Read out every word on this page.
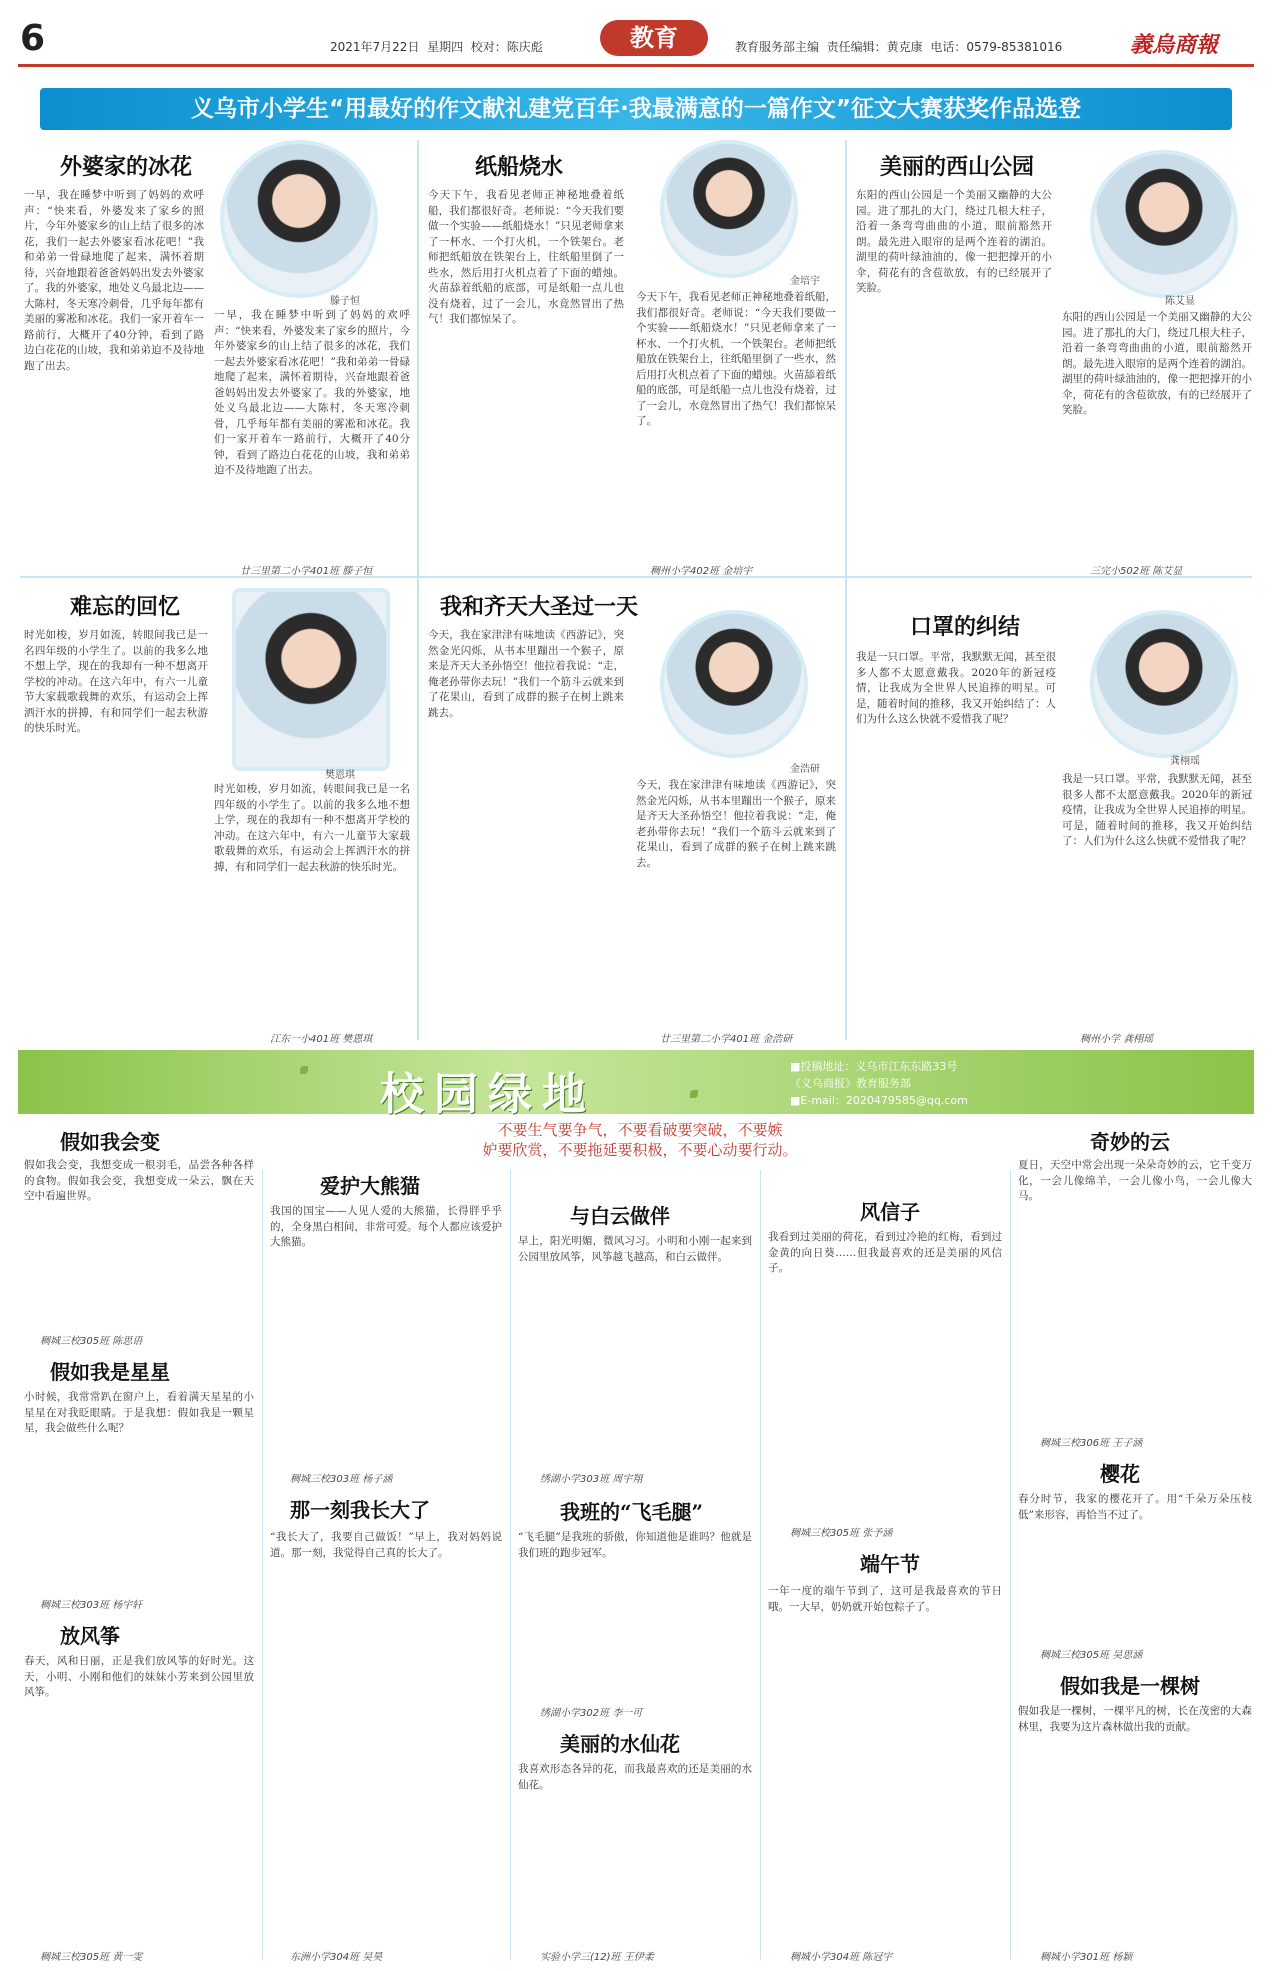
6	2021年7月22日 星期四 校对：陈庆彪	教育	教育服务部主编 责任编辑：黄克康 电话：0579-85381016	義烏商報
义乌市小学生“用最好的作文献礼建党百年·我最满意的一篇作文”征文大赛获奖作品选登
外婆家的冰花
滕子恒
一早，我在睡梦中听到了妈妈的欢呼声：“快来看，外婆发来了家乡的照片，今年外婆家乡的山上结了很多的冰花，我们一起去外婆家看冰花吧！”我和弟弟一骨碌地爬了起来，满怀着期待，兴奋地跟着爸爸妈妈出发去外婆家了。我的外婆家，地处义乌最北边——大陈村，冬天寒冷刺骨，几乎每年都有美丽的雾凇和冰花。我们一家开着车一路前行，大概开了40分钟，看到了路边白花花的山坡，我和弟弟迫不及待地跑了出去。
一早，我在睡梦中听到了妈妈的欢呼声：“快来看，外婆发来了家乡的照片，今年外婆家乡的山上结了很多的冰花，我们一起去外婆家看冰花吧！”我和弟弟一骨碌地爬了起来，满怀着期待，兴奋地跟着爸爸妈妈出发去外婆家了。我的外婆家，地处义乌最北边——大陈村，冬天寒冷刺骨，几乎每年都有美丽的雾凇和冰花。我们一家开着车一路前行，大概开了40分钟，看到了路边白花花的山坡，我和弟弟迫不及待地跑了出去。
廿三里第二小学401班 滕子恒
纸船烧水
金培宇
今天下午，我看见老师正神秘地叠着纸船，我们都很好奇。老师说：“今天我们要做一个实验——纸船烧水！”只见老师拿来了一杯水、一个打火机，一个铁架台。老师把纸船放在铁架台上，往纸船里倒了一些水，然后用打火机点着了下面的蜡烛。火苗舔着纸船的底部，可是纸船一点儿也没有烧着，过了一会儿，水竟然冒出了热气！我们都惊呆了。
今天下午，我看见老师正神秘地叠着纸船，我们都很好奇。老师说：“今天我们要做一个实验——纸船烧水！”只见老师拿来了一杯水、一个打火机，一个铁架台。老师把纸船放在铁架台上，往纸船里倒了一些水，然后用打火机点着了下面的蜡烛。火苗舔着纸船的底部，可是纸船一点儿也没有烧着，过了一会儿，水竟然冒出了热气！我们都惊呆了。
稠州小学402班 金培宇
美丽的西山公园
陈艾显
东阳的西山公园是一个美丽又幽静的大公园。进了那扎的大门，绕过几根大柱子，沿着一条弯弯曲曲的小道，眼前豁然开朗。最先进入眼帘的是两个连着的湖泊。湖里的荷叶绿油油的，像一把把撑开的小伞，荷花有的含苞欲放，有的已经展开了笑脸。
东阳的西山公园是一个美丽又幽静的大公园。进了那扎的大门，绕过几根大柱子，沿着一条弯弯曲曲的小道，眼前豁然开朗。最先进入眼帘的是两个连着的湖泊。湖里的荷叶绿油油的，像一把把撑开的小伞，荷花有的含苞欲放，有的已经展开了笑脸。
三完小502班 陈艾显
难忘的回忆
樊恩琪
时光如梭，岁月如流，转眼间我已是一名四年级的小学生了。以前的我多么地不想上学，现在的我却有一种不想离开学校的冲动。在这六年中，有六一儿童节大家载歌载舞的欢乐，有运动会上挥洒汗水的拼搏，有和同学们一起去秋游的快乐时光。
时光如梭，岁月如流，转眼间我已是一名四年级的小学生了。以前的我多么地不想上学，现在的我却有一种不想离开学校的冲动。在这六年中，有六一儿童节大家载歌载舞的欢乐，有运动会上挥洒汗水的拼搏，有和同学们一起去秋游的快乐时光。
江东一小401班 樊恩琪
我和齐天大圣过一天
金浩研
今天，我在家津津有味地读《西游记》，突然金光闪烁，从书本里蹦出一个猴子，原来是齐天大圣孙悟空！他拉着我说：“走，俺老孙带你去玩！”我们一个筋斗云就来到了花果山，看到了成群的猴子在树上跳来跳去。
今天，我在家津津有味地读《西游记》，突然金光闪烁，从书本里蹦出一个猴子，原来是齐天大圣孙悟空！他拉着我说：“走，俺老孙带你去玩！”我们一个筋斗云就来到了花果山，看到了成群的猴子在树上跳来跳去。
廿三里第二小学401班 金浩研
口罩的纠结
龚栩瑶
我是一只口罩。平常，我默默无闻，甚至很多人都不太愿意戴我。2020年的新冠疫情，让我成为全世界人民追捧的明星。可是，随着时间的推移，我又开始纠结了：人们为什么这么快就不爱惜我了呢？
我是一只口罩。平常，我默默无闻，甚至很多人都不太愿意戴我。2020年的新冠疫情，让我成为全世界人民追捧的明星。可是，随着时间的推移，我又开始纠结了：人们为什么这么快就不爱惜我了呢？
稠州小学 龚栩瑶
校园绿地
■投稿地址：义乌市江东东路33号
《义乌商报》教育服务部
■E-mail：2020479585@qq.com
不要生气要争气，不要看破要突破，不要嫉
妒要欣赏，不要拖延要积极，不要心动要行动。
假如我会变
假如我会变，我想变成一根羽毛，品尝各种各样的食物。假如我会变，我想变成一朵云，飘在天空中看遍世界。
稠城三校305班 陈思语
假如我是星星
小时候，我常常趴在窗户上，看着满天星星的小星星在对我眨眼睛。于是我想：假如我是一颗星星，我会做些什么呢？
稠城三校303班 杨宇轩
放风筝
春天，风和日丽，正是我们放风筝的好时光。这天，小明、小刚和他们的妹妹小芳来到公园里放风筝。
稠城三校305班 黄一雯
爱护大熊猫
我国的国宝——人见人爱的大熊猫，长得胖乎乎的，全身黑白相间，非常可爱。每个人都应该爱护大熊猫。
稠城三校303班 杨子涵
那一刻我长大了
“我长大了，我要自己做饭！”早上，我对妈妈说道。那一刻，我觉得自己真的长大了。
东洲小学304班 吴昊
与白云做伴
早上，阳光明媚，微风习习。小明和小刚一起来到公园里放风筝，风筝越飞越高，和白云做伴。
绣湖小学303班 周宇翔
我班的“飞毛腿”
“飞毛腿”是我班的骄傲，你知道他是谁吗？他就是我们班的跑步冠军。
绣湖小学302班 李一可
美丽的水仙花
我喜欢形态各异的花，而我最喜欢的还是美丽的水仙花。
实验小学三(12)班 王伊柔
风信子
我看到过美丽的荷花，看到过冷艳的红梅，看到过金黄的向日葵……但我最喜欢的还是美丽的风信子。
稠城三校305班 张予涵
端午节
一年一度的端午节到了，这可是我最喜欢的节日哦。一大早，奶奶就开始包粽子了。
稠城小学304班 陈冠宇
奇妙的云
夏日，天空中常会出现一朵朵奇妙的云，它千变万化，一会儿像绵羊，一会儿像小鸟，一会儿像大马。
稠城三校306班 王子涵
樱花
春分时节，我家的樱花开了。用“千朵万朵压枝低”来形容，再恰当不过了。
稠城三校305班 吴思涵
假如我是一棵树
假如我是一棵树，一棵平凡的树，长在茂密的大森林里，我要为这片森林做出我的贡献。
稠城小学301班 杨颖
